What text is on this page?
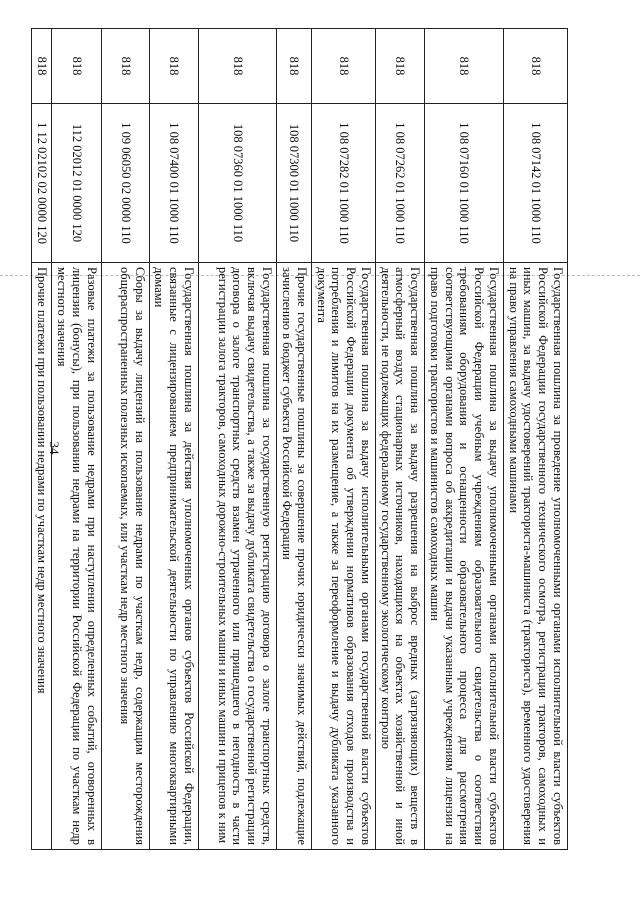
34
818	1 08 07142 01 1000 110	Государственная пошлина за проведение уполномоченными органами исполнительной власти субъектов Российской Федерации государственного технического осмотра, регистрации тракторов, самоходных и иных машин, за выдачу удостоверений тракториста-машиниста (тракториста), временного удостоверения на право управления самоходными машинами
818	1 08 07160 01 1000 110	Государственная пошлина за выдачу уполномоченными органами исполнительной власти субъектов Российской Федерации учебным учреждениям образовательного свидетельства о соответствии требованиям оборудования и оснащенности образовательного процесса для рассмотрения соответствующими органами вопроса об аккредитации и выдачи указанным учреждениям лицензии на право подготовки трактористов и машинистов самоходных машин
818	1 08 07262 01 1000 110	Государственная пошлина за выдачу разрешения на выброс вредных (загрязняющих) веществ в атмосферный воздух стационарных источников, находящихся на объектах хозяйственной и иной деятельности, не подлежащих федеральному государственному экологическому контролю
818	1 08 07282 01 1000 110	Государственная пошлина за выдачу исполнительными органами государственной власти субъектов Российской Федерации документа об утверждении нормативов образования отходов производства и потребления и лимитов на их размещение, а также за переоформление и выдачу дубликата указанного документа
818	108 07300 01 1000 110	Прочие государственные пошлины за совершение прочих юридически значимых действий, подлежащие зачислению в бюджет субъекта Российской Федерации
818	108 07360 01 1000 110	Государственная пошлина за государственную регистрацию договора о залоге транспортных средств, включая выдачу свидетельства, а также за выдачу дубликата свидетельства о государственной регистрации договора о залоге транспортных средств взамен утраченного или пришедшего в негодность в части регистрации залога тракторов, самоходных дорожно-строительных машин и иных машин и прицепов к ним
818	1 08 07400 01 1000 110	Государственная пошлина за действия уполномоченных органов субъектов Российской Федерации, связанные с лицензированием предпринимательской деятельности по управлению многоквартирными домами
818	1 09 06050 02 0000 110	Сборы за выдачу лицензий на пользование недрами по участкам недр, содержащим месторождения общераспространенных полезных ископаемых, или участкам недр местного значения
818	112 02012 01 0000 120	Разовые платежи за пользование недрами при наступлении определенных событий, оговоренных в лицензии (бонусы), при пользовании недрами на территории Российской Федерации по участкам недр местного значения
818	1 12 02102 02 0000 120	Прочие платежи при пользовании недрами по участкам недр местного значения
